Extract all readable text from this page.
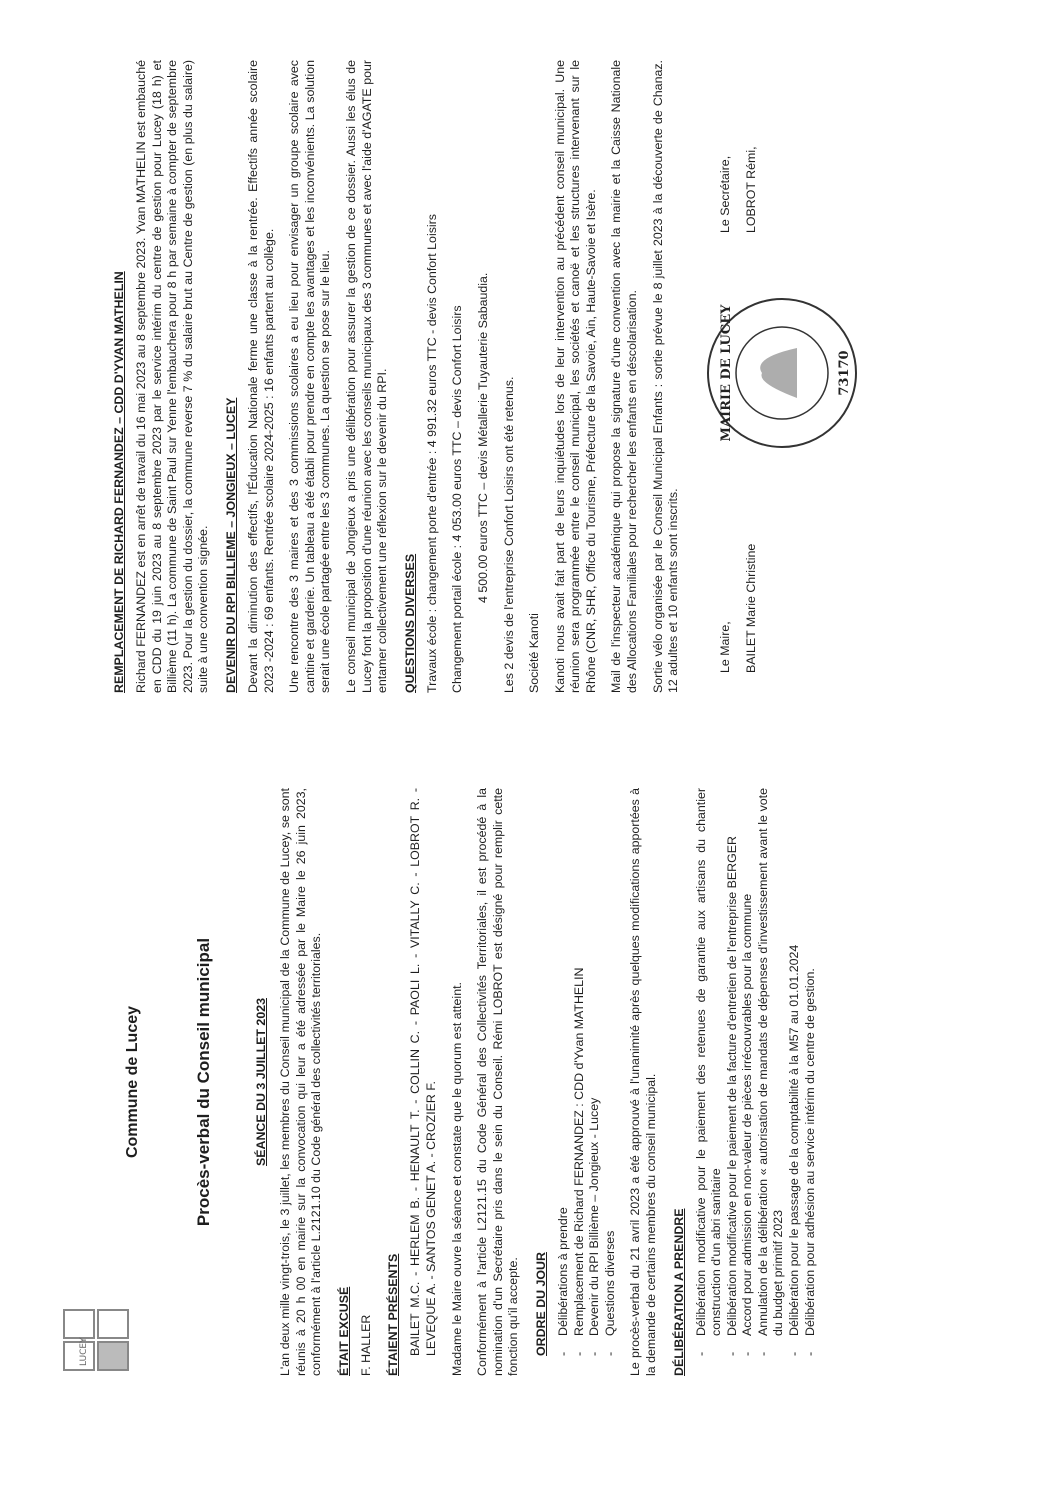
LUCEY
Commune de Lucey	Procès-verbal du Conseil municipal	SÉANCE DU 3 JUILLET 2023 L'an deux mille vingt-trois, le 3 juillet, les membres du Conseil municipal de la Commune de Lucey, se sont réunis à 20 h 00 en mairie sur la convocation qui leur a été adressée par le Maire le 26 juin 2023, conformément à l'article L.2121.10 du Code général des collectivités territoriales. ÉTAIT EXCUSÉ F. HALLER ÉTAIENT PRÉSENTS BAILET M.C. - HERLEM B. - HENAULT T. - COLLIN C. - PAOLI L. - VITALLY C. - LOBROT R. - LEVEQUE A. - SANTOS GENET A. - CROZIER F. Madame le Maire ouvre la séance et constate que le quorum est atteint. Conformément à l'article L2121.15 du Code Général des Collectivités Territoriales, il est procédé à la nomination d'un Secrétaire pris dans le sein du Conseil. Rémi LOBROT est désigné pour remplir cette fonction qu'il accepte. ORDRE DU JOUR - Délibérations à prendre - Remplacement de Richard FERNANDEZ : CDD d'Yvan MATHELIN - Devenir du RPI Billième – Jongieux - Lucey - Questions diverses Le procès-verbal du 21 avril 2023 a été approuvé à l'unanimité après quelques modifications apportées à la demande de certains membres du conseil municipal. DÉLIBÉRATION A PRENDRE - Délibération modificative pour le paiement des retenues de garantie aux artisans du chantier construction d'un abri sanitaire - Délibération modificative pour le paiement de la facture d'entretien de l'entreprise BERGER - Accord pour admission en non-valeur de pièces irrécouvrables pour la commune - Annulation de la délibération « autorisation de mandats de dépenses d'investissement avant le vote du budget primitif 2023 - Délibération pour le passage de la comptabilité à la M57 au 01.01.2024 - Délibération pour adhésion au service intérim du centre de gestion.
REMPLACEMENT DE RICHARD FERNANDEZ – CDD D'YVAN MATHELIN Richard FERNANDEZ est en arrêt de travail du 16 mai 2023 au 8 septembre 2023. Yvan MATHELIN est embauché en CDD du 19 juin 2023 au 8 septembre 2023 par le service intérim du centre de gestion pour Lucey (18 h) et Billième (11 h). La commune de Saint Paul sur Yenne l'embauchera pour 8 h par semaine à compter de septembre 2023. Pour la gestion du dossier, la commune reverse 7 % du salaire brut au Centre de gestion (en plus du salaire) suite à une convention signée. DEVENIR DU RPI BILLIEME – JONGIEUX – LUCEY Devant la diminution des effectifs, l'Éducation Nationale ferme une classe à la rentrée. Effectifs année scolaire 2023 -2024 : 69 enfants. Rentrée scolaire 2024-2025 : 16 enfants partent au collège. Une rencontre des 3 maires et des 3 commissions scolaires a eu lieu pour envisager un groupe scolaire avec cantine et garderie. Un tableau a été établi pour prendre en compte les avantages et les inconvénients. La solution serait une école partagée entre les 3 communes. La question se pose sur le lieu. Le conseil municipal de Jongieux a pris une délibération pour assurer la gestion de ce dossier. Aussi les élus de Lucey font la proposition d'une réunion avec les conseils municipaux des 3 communes et avec l'aide d'AGATE pour entamer collectivement une réflexion sur le devenir du RPI. QUESTIONS DIVERSES Travaux école : changement porte d'entrée : 4 991.32 euros TTC - devis Confort Loisirs Changement portail école : 4 053.00 euros TTC – devis Confort Loisirs 4 500.00 euros TTC – devis Métallerie Tuyauterie Sabaudia. Les 2 devis de l'entreprise Confort Loisirs ont été retenus. Société Kanoti Kanoti nous avait fait part de leurs inquiétudes lors de leur intervention au précédent conseil municipal. Une réunion sera programmée entre le conseil municipal, les sociétés et canoë et les structures intervenant sur le Rhône (CNR, SHR, Office du Tourisme, Préfecture de la Savoie, Ain, Haute-Savoie et Isère. Mail de l'inspecteur académique qui propose la signature d'une convention avec la mairie et la Caisse Nationale des Allocations Familiales pour rechercher les enfants en déscolarisation. Sortie vélo organisée par le Conseil Municipal Enfants : sortie prévue le 8 juillet 2023 à la découverte de Chanaz. 12 adultes et 10 enfants sont inscrits.	Le Maire, BAILET Marie Christine
MAIRIE DE LUCEY	73170
Le Secrétaire, LOBROT Rémi,
